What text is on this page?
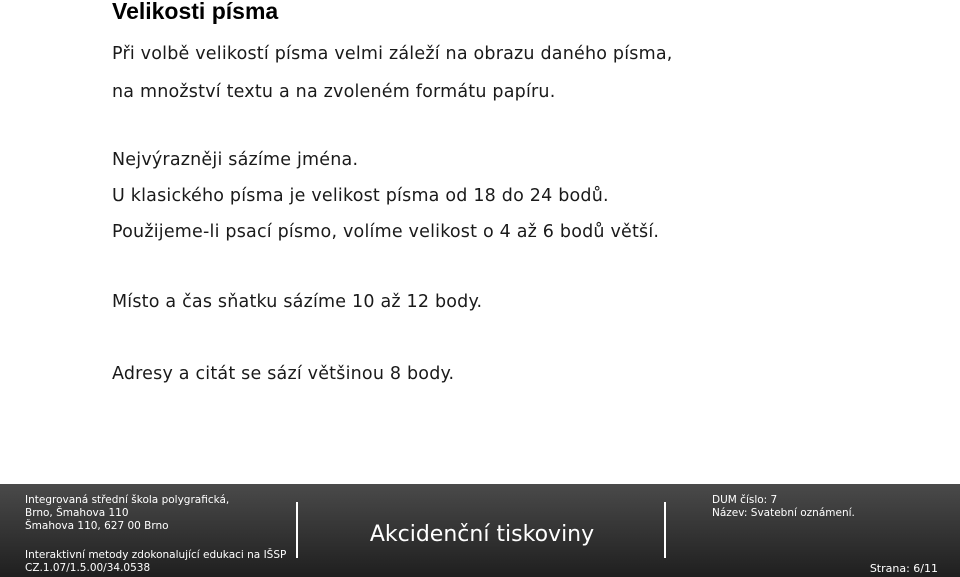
Velikosti písma
Při volbě velikostí písma velmi záleží na obrazu daného písma,
na množství textu a na zvoleném formátu papíru.
Nejvýrazněji sázíme jména.
U klasického písma je velikost písma od 18 do 24 bodů.
Použijeme-li psací písmo, volíme velikost o 4 až 6 bodů větší.
Místo a čas sňatku sázíme 10 až 12 body.
Adresy a citát se sází většinou 8 body.
Integrovaná střední škola polygrafická,
Brno, Šmahova 110
Šmahova 110, 627 00 Brno
Interaktivní metody zdokonalující edukaci na IŠSP
CZ.1.07/1.5.00/34.0538
Akcidenční tiskoviny
DUM číslo: 7
Název: Svatební oznámení.
Strana: 6/11
